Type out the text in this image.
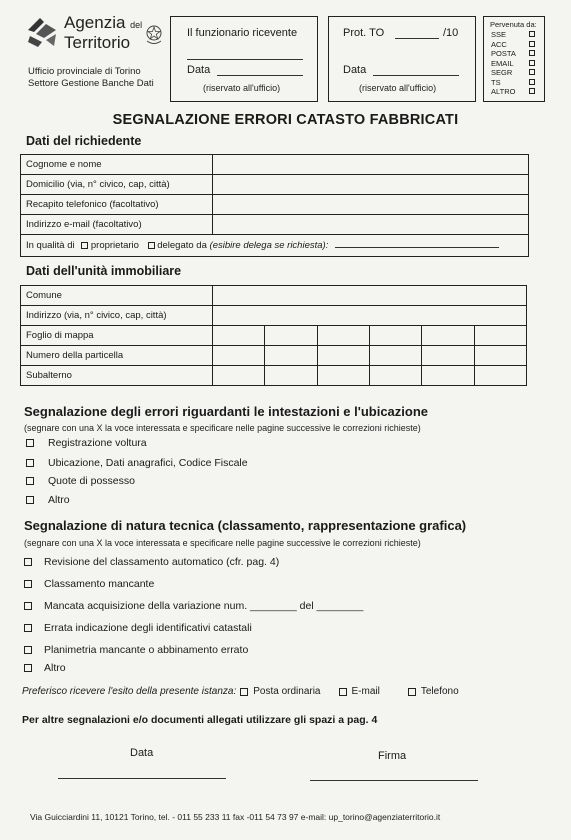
Agenzia del
Territorio
Ufficio provinciale di Torino
Settore Gestione Banche Dati
Il funzionario ricevente
Data
(riservato all'ufficio)
Prot. TO	/10
Data
(riservato all'ufficio)
Pervenuta da:
SSE
ACC
POSTA
EMAIL
SEGR
TS
ALTRO
SEGNALAZIONE ERRORI CATASTO FABBRICATI
Dati del richiedente
Cognome e nome	
Domicilio (via, n° civico, cap, città)	
Recapito telefonico (facoltativo)	
Indirizzo e-mail (facoltativo)	
In qualità di proprietario delegato da (esibire delega se richiesta):	
Dati dell'unità immobiliare
Comune						
Indirizzo (via, n° civico, cap, città)						
Foglio di mappa						
Numero della particella						
Subalterno						
Segnalazione degli errori riguardanti le intestazioni e l'ubicazione
(segnare con una X la voce interessata e specificare nelle pagine successive le correzioni richieste)
Registrazione voltura
Ubicazione, Dati anagrafici, Codice Fiscale
Quote di possesso
Altro
Segnalazione di natura tecnica (classamento, rappresentazione grafica)
(segnare con una X la voce interessata e specificare nelle pagine successive le correzioni richieste)
Revisione del classamento automatico (cfr. pag. 4)
Classamento mancante
Mancata acquisizione della variazione num. ________ del ________
Errata indicazione degli identificativi catastali
Planimetria mancante o abbinamento errato
Altro
Preferisco ricevere l'esito della presente istanza: Posta ordinaria	E-mail	Telefono
Per altre segnalazioni e/o documenti allegati utilizzare gli spazi a pag. 4
Data	Firma
Via Guicciardini 11, 10121 Torino, tel. - 011 55 233 11 fax -011 54 73 97 e-mail: up_torino@agenziaterritorio.it
